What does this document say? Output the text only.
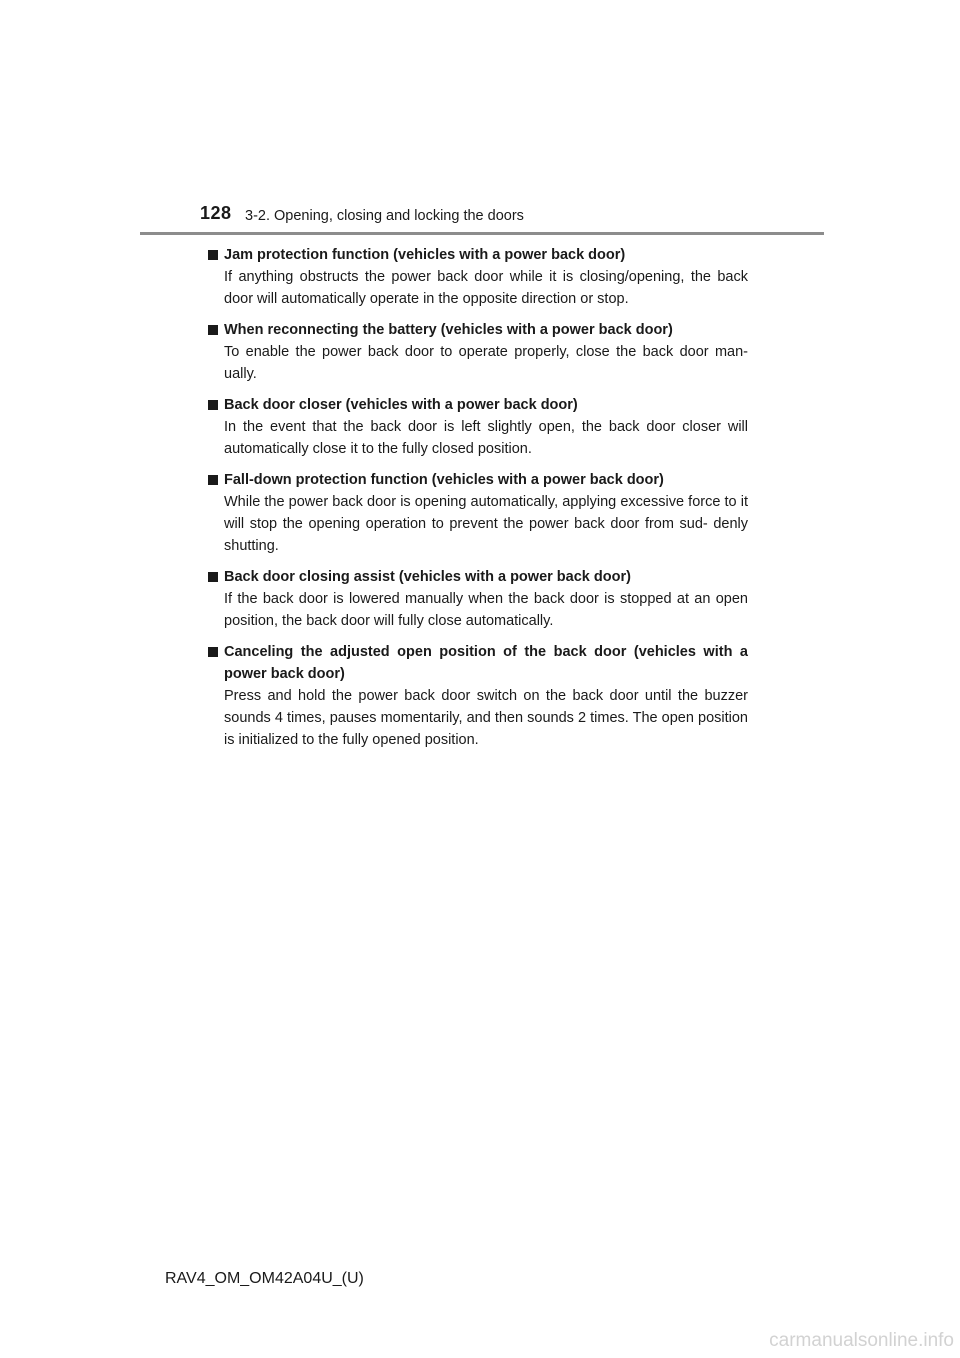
128 3-2. Opening, closing and locking the doors
Jam protection function (vehicles with a power back door)
If anything obstructs the power back door while it is closing/opening, the back door will automatically operate in the opposite direction or stop.
When reconnecting the battery (vehicles with a power back door)
To enable the power back door to operate properly, close the back door man- ually.
Back door closer (vehicles with a power back door)
In the event that the back door is left slightly open, the back door closer will automatically close it to the fully closed position.
Fall-down protection function (vehicles with a power back door)
While the power back door is opening automatically, applying excessive force to it will stop the opening operation to prevent the power back door from sud- denly shutting.
Back door closing assist (vehicles with a power back door)
If the back door is lowered manually when the back door is stopped at an open position, the back door will fully close automatically.
Canceling the adjusted open position of the back door (vehicles with a power back door)
Press and hold the power back door switch on the back door until the buzzer sounds 4 times, pauses momentarily, and then sounds 2 times. The open position is initialized to the fully opened position.
RAV4_OM_OM42A04U_(U)
carmanualsonline.info
